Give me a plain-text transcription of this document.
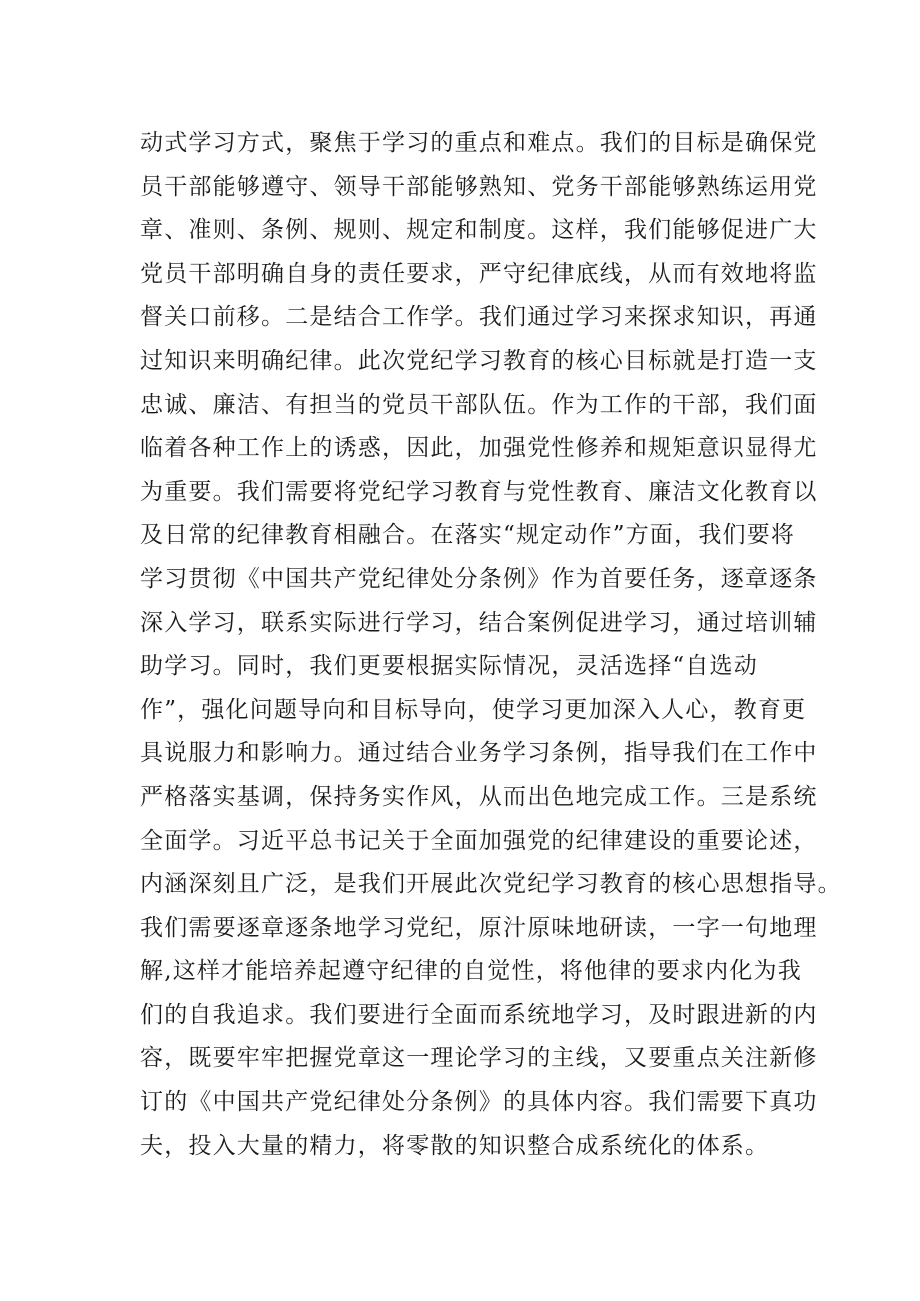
动式学习方式，聚焦于学习的重点和难点。我们的目标是确保党
员干部能够遵守、领导干部能够熟知、党务干部能够熟练运用党
章、准则、条例、规则、规定和制度。这样，我们能够促进广大
党员干部明确自身的责任要求，严守纪律底线，从而有效地将监
督关口前移。二是结合工作学。我们通过学习来探求知识，再通
过知识来明确纪律。此次党纪学习教育的核心目标就是打造一支
忠诚、廉洁、有担当的党员干部队伍。作为工作的干部，我们面
临着各种工作上的诱惑，因此，加强党性修养和规矩意识显得尤
为重要。我们需要将党纪学习教育与党性教育、廉洁文化教育以
及日常的纪律教育相融合。在落实“规定动作”方面，我们要将
学习贯彻《中国共产党纪律处分条例》作为首要任务，逐章逐条
深入学习，联系实际进行学习，结合案例促进学习，通过培训辅
助学习。同时，我们更要根据实际情况，灵活选择“自选动
作”，强化问题导向和目标导向，使学习更加深入人心，教育更
具说服力和影响力。通过结合业务学习条例，指导我们在工作中
严格落实基调，保持务实作风，从而出色地完成工作。三是系统
全面学。习近平总书记关于全面加强党的纪律建设的重要论述，
内涵深刻且广泛，是我们开展此次党纪学习教育的核心思想指导。
我们需要逐章逐条地学习党纪，原汁原味地研读，一字一句地理
解,这样才能培养起遵守纪律的自觉性，将他律的要求内化为我
们的自我追求。我们要进行全面而系统地学习，及时跟进新的内
容，既要牢牢把握党章这一理论学习的主线，又要重点关注新修
订的《中国共产党纪律处分条例》的具体内容。我们需要下真功
夫，投入大量的精力，将零散的知识整合成系统化的体系。
